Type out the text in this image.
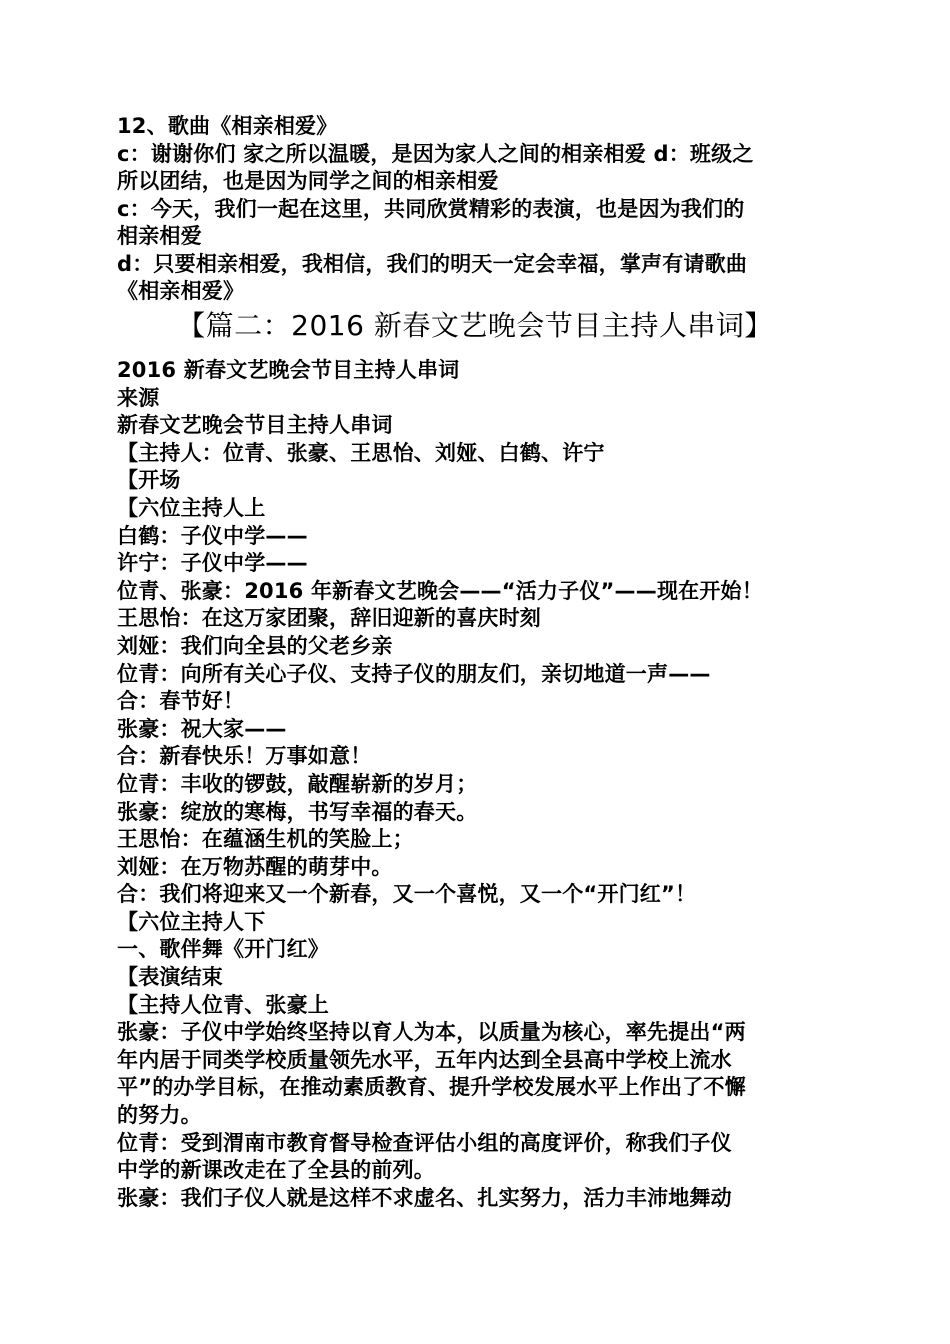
12、歌曲《相亲相爱》
c：谢谢你们 家之所以温暖，是因为家人之间的相亲相爱 d：班级之
所以团结，也是因为同学之间的相亲相爱
c：今天，我们一起在这里，共同欣赏精彩的表演，也是因为我们的
相亲相爱
d：只要相亲相爱，我相信，我们的明天一定会幸福，掌声有请歌曲
《相亲相爱》
【篇二：2016 新春文艺晚会节目主持人串词】
2016 新春文艺晚会节目主持人串词
来源
新春文艺晚会节目主持人串词
【主持人：位青、张豪、王思怡、刘娅、白鹤、许宁
【开场
【六位主持人上
白鹤：子仪中学——
许宁：子仪中学——
位青、张豪：2016 年新春文艺晚会——“活力子仪”——现在开始！
王思怡：在这万家团聚，辞旧迎新的喜庆时刻
刘娅：我们向全县的父老乡亲
位青：向所有关心子仪、支持子仪的朋友们，亲切地道一声——
合：春节好！
张豪：祝大家——
合：新春快乐！万事如意！
位青：丰收的锣鼓，敲醒崭新的岁月；
张豪：绽放的寒梅，书写幸福的春天。
王思怡：在蕴涵生机的笑脸上；
刘娅：在万物苏醒的萌芽中。
合：我们将迎来又一个新春，又一个喜悦，又一个“开门红”！
【六位主持人下
一、歌伴舞《开门红》
【表演结束
【主持人位青、张豪上
张豪：子仪中学始终坚持以育人为本，以质量为核心，率先提出“两
年内居于同类学校质量领先水平，五年内达到全县高中学校上流水
平”的办学目标，在推动素质教育、提升学校发展水平上作出了不懈
的努力。
位青：受到渭南市教育督导检查评估小组的高度评价，称我们子仪
中学的新课改走在了全县的前列。
张豪：我们子仪人就是这样不求虚名、扎实努力，活力丰沛地舞动
